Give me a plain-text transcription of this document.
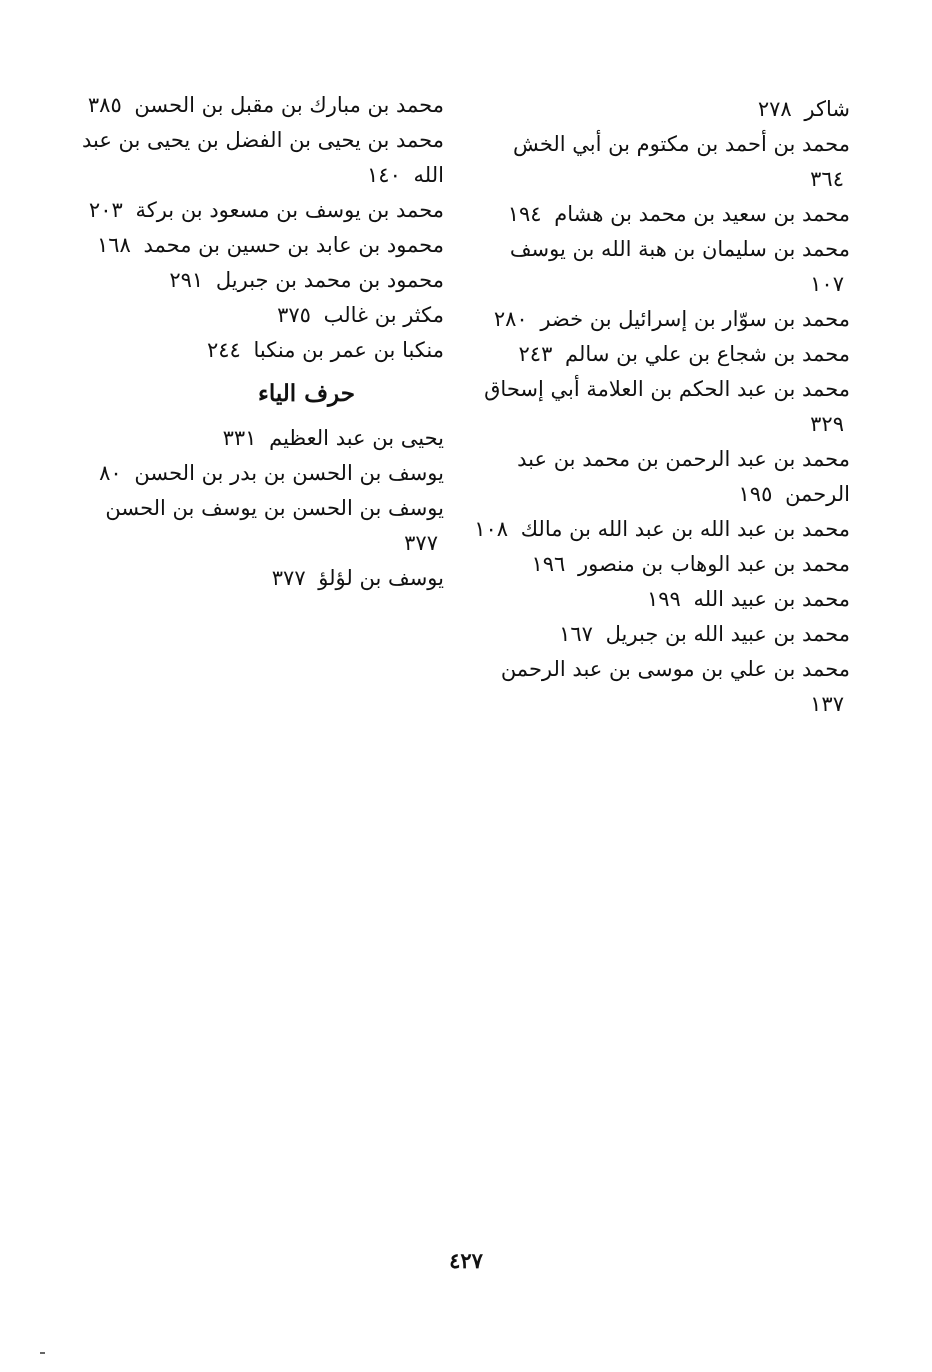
شاكر ٢٧٨
محمد بن أحمد بن مكتوم بن أبي الخش ٣٦٤
محمد بن سعيد بن محمد بن هشام ١٩٤
محمد بن سليمان بن هبة الله بن يوسف ١٠٧
محمد بن سوّار بن إسرائيل بن خضر ٢٨٠
محمد بن شجاع بن علي بن سالم ٢٤٣
محمد بن عبد الحكم بن العلامة أبي إسحاق ٣٢٩
محمد بن عبد الرحمن بن محمد بن عبد الرحمن ١٩٥
محمد بن عبد الله بن عبد الله بن مالك ١٠٨
محمد بن عبد الوهاب بن منصور ١٩٦
محمد بن عبيد الله ١٩٩
محمد بن عبيد الله بن جبريل ١٦٧
محمد بن علي بن موسى بن عبد الرحمن ١٣٧
محمد بن مبارك بن مقبل بن الحسن ٣٨٥
محمد بن يحيى بن الفضل بن يحيى بن عبد الله ١٤٠
محمد بن يوسف بن مسعود بن بركة ٢٠٣
محمود بن عابد بن حسين بن محمد ١٦٨
محمود بن محمد بن جبريل ٢٩١
مكثر بن غالب ٣٧٥
منكبا بن عمر بن منكبا ٢٤٤
حرف الياء
يحيى بن عبد العظيم ٣٣١
يوسف بن الحسن بن بدر بن الحسن ٨٠
يوسف بن الحسن بن يوسف بن الحسن ٣٧٧
يوسف بن لؤلؤ ٣٧٧
٤٢٧
